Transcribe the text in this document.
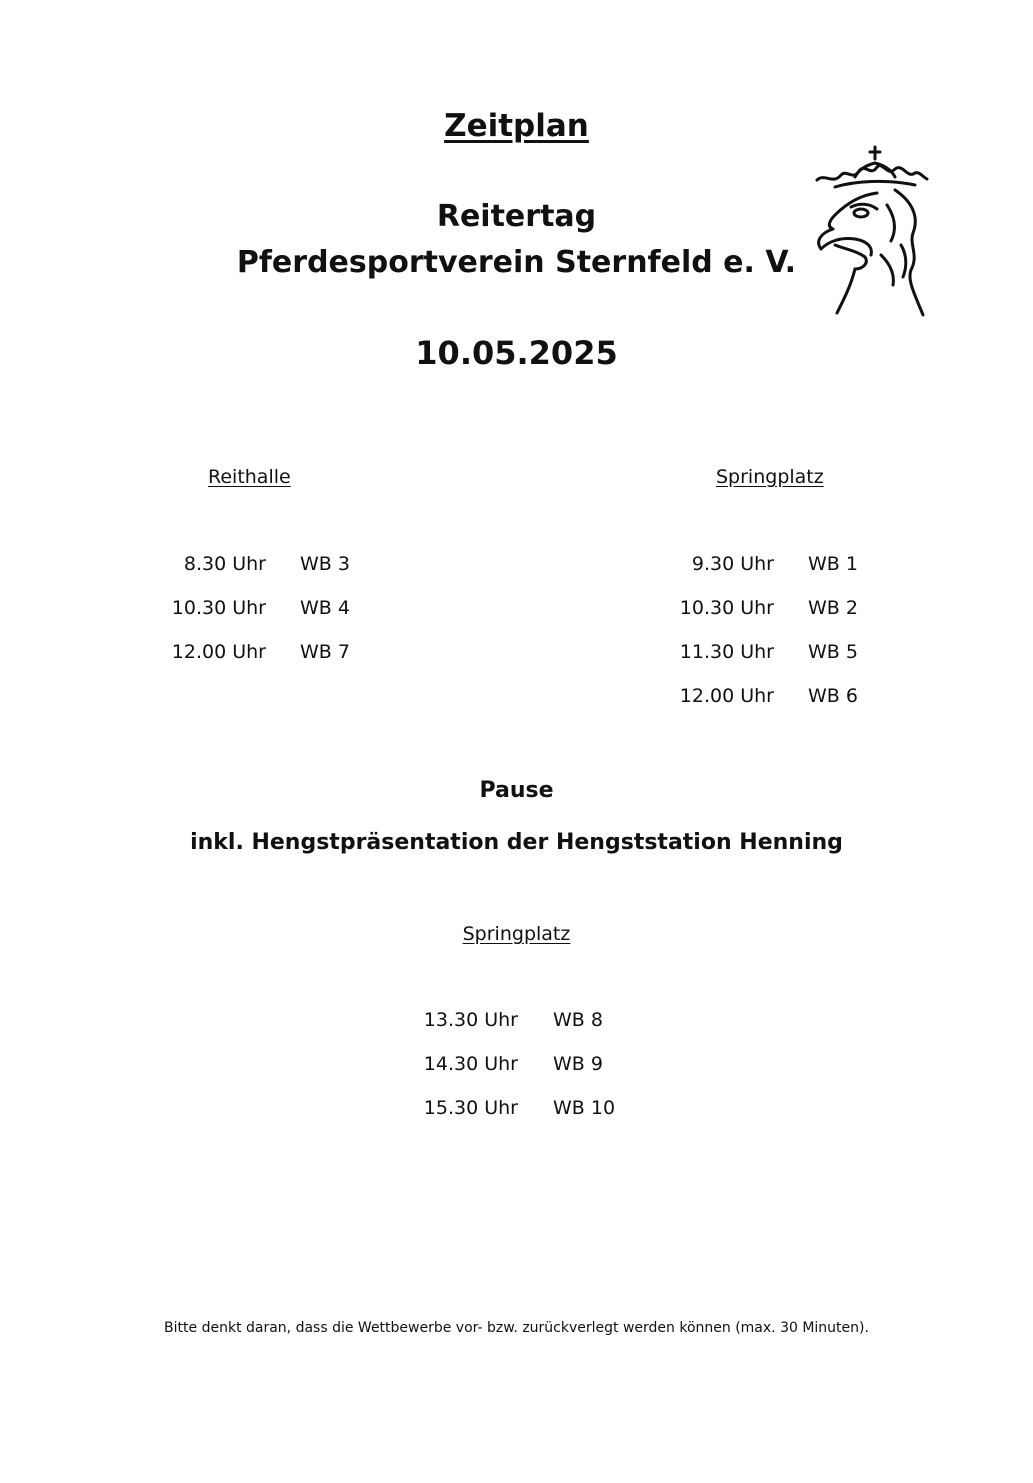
Zeitplan
Reitertag
Pferdesportverein Sternfeld e. V.
10.05.2025
Reithalle	Springplatz
8.30 Uhr WB 3
10.30 Uhr WB 4
12.00 Uhr WB 7
9.30 Uhr WB 1
10.30 Uhr WB 2
11.30 Uhr WB 5
12.00 Uhr WB 6
Pause
inkl. Hengstpräsentation der Hengststation Henning
Springplatz
13.30 Uhr WB 8
14.30 Uhr WB 9
15.30 Uhr WB 10
Bitte denkt daran, dass die Wettbewerbe vor- bzw. zurückverlegt werden können (max. 30 Minuten).
